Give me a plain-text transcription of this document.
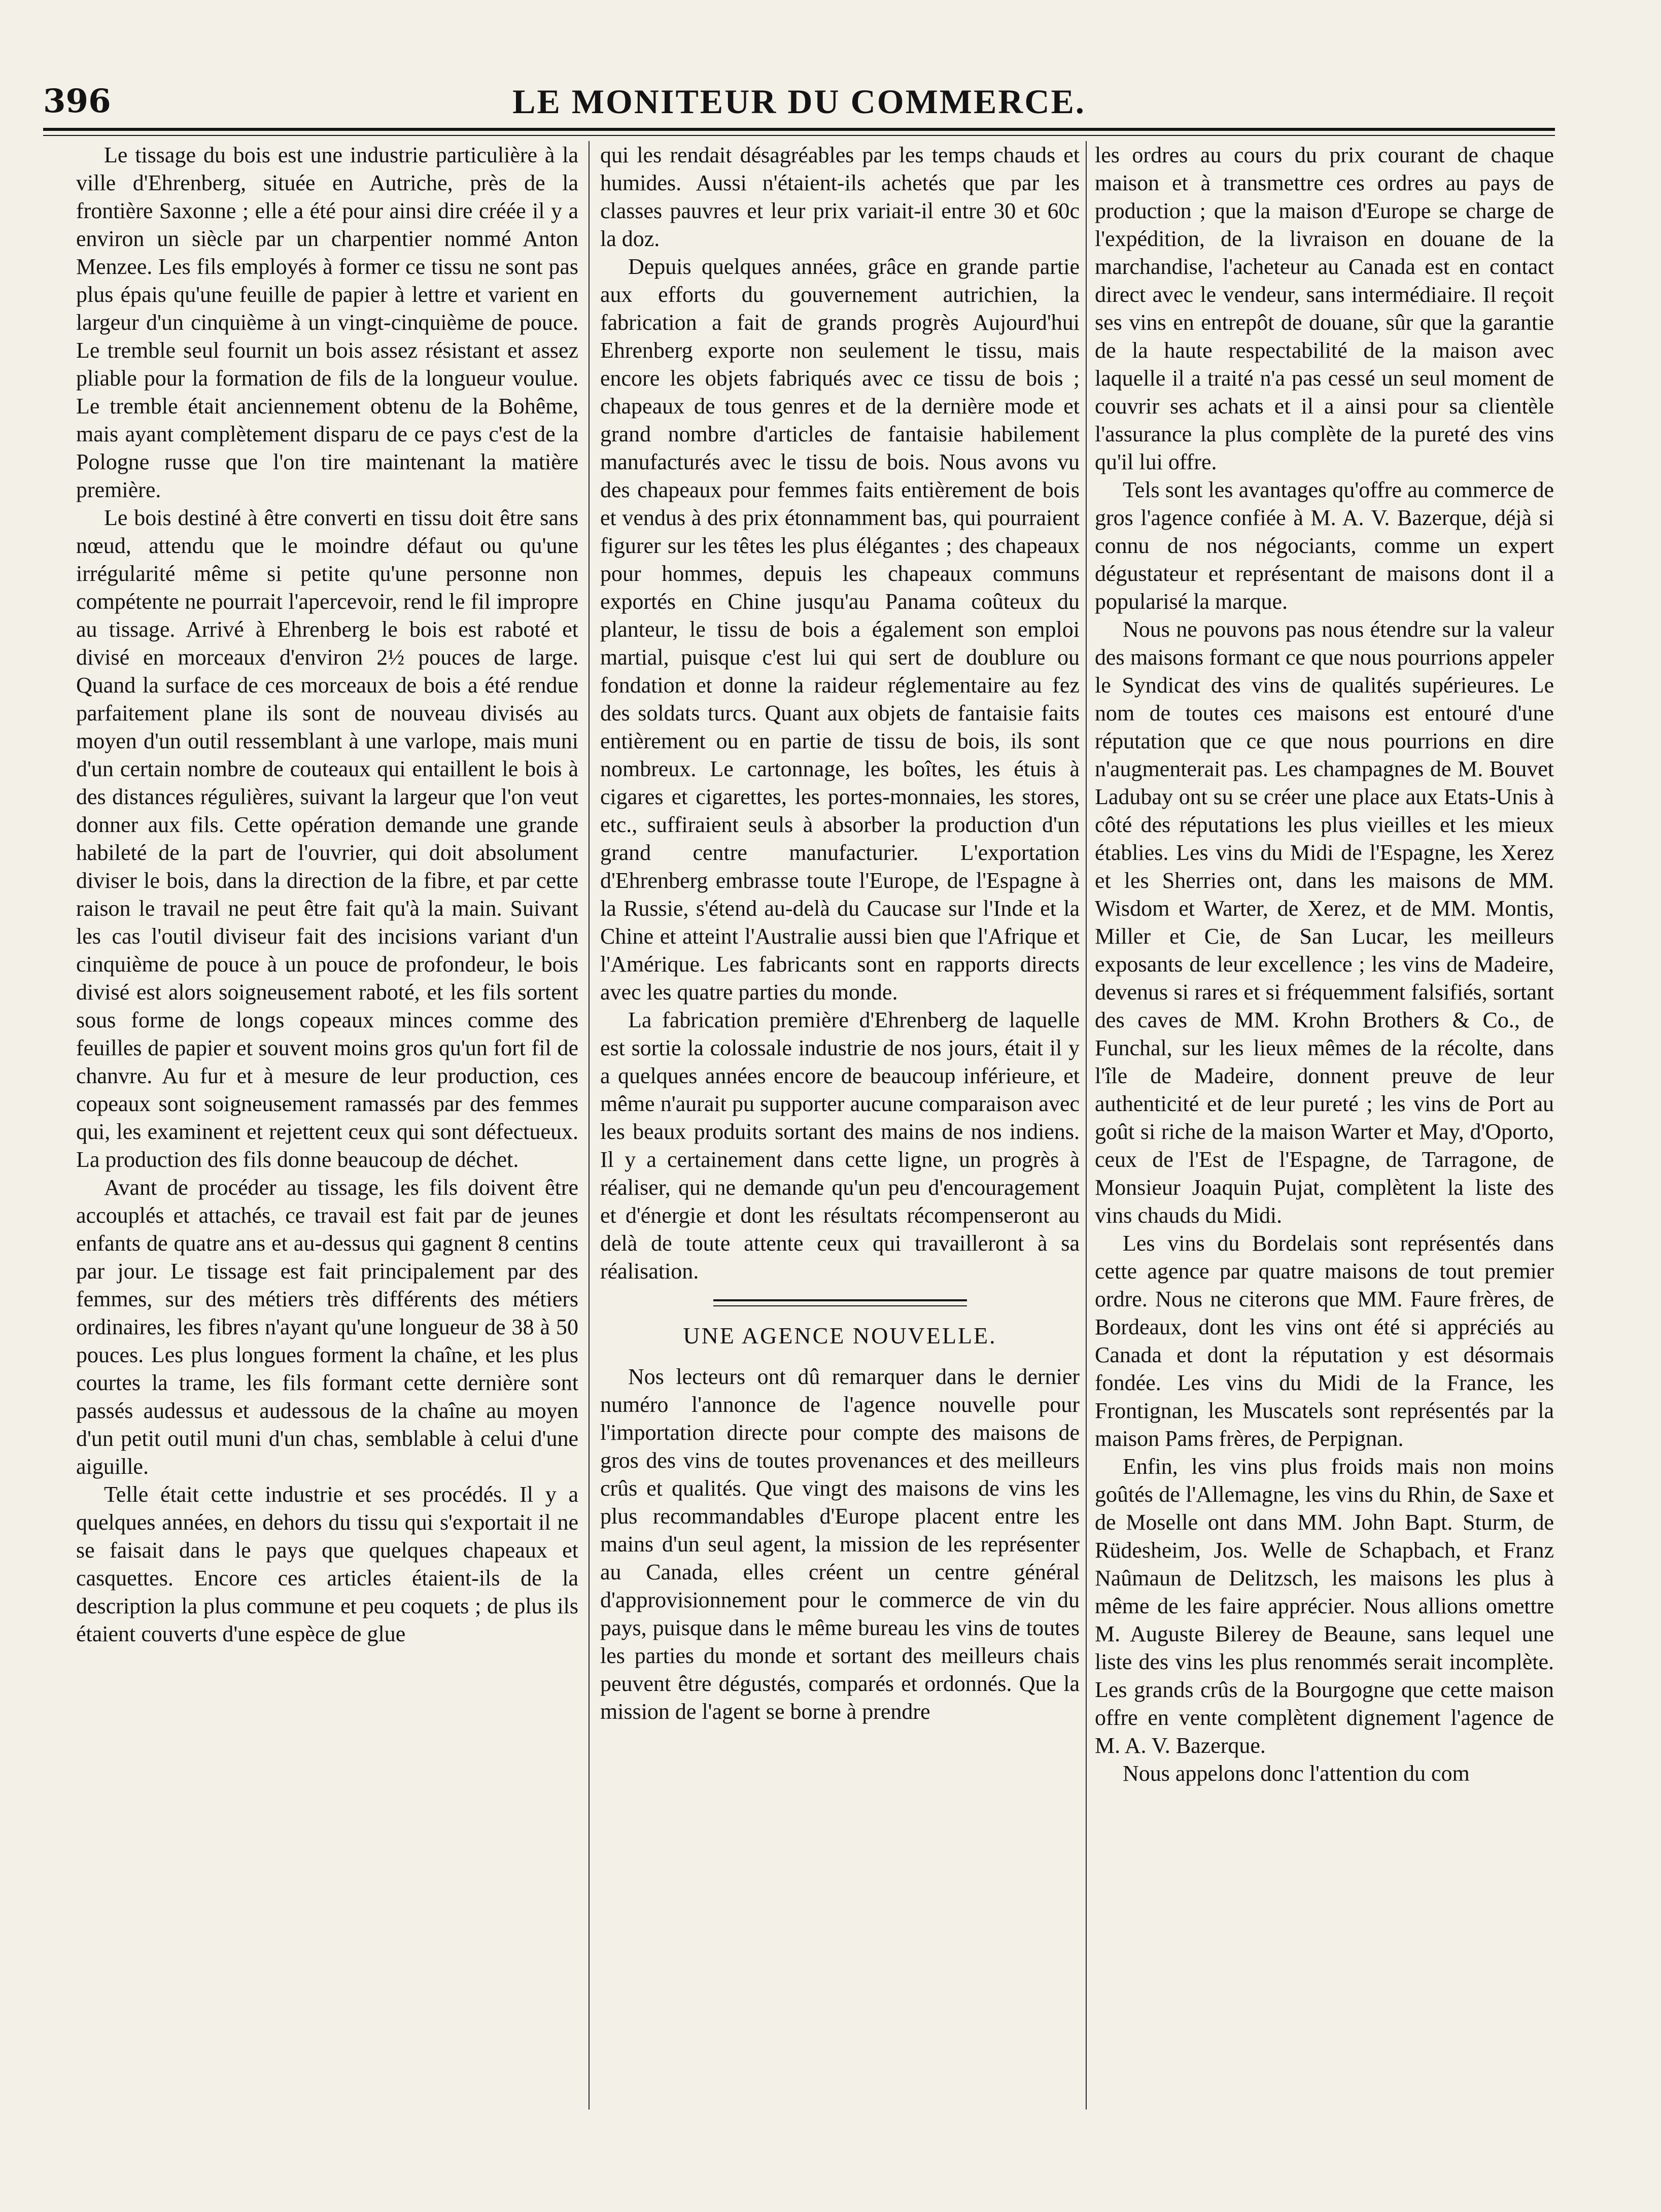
396	LE MONITEUR DU COMMERCE.

Le tissage du bois est une industrie particulière à la ville d'Ehrenberg, située en Autriche, près de la frontière Saxonne ; elle a été pour ainsi dire créée il y a environ un siècle par un charpentier nommé Anton Menzee. Les fils employés à former ce tissu ne sont pas plus épais qu'une feuille de papier à lettre et varient en largeur d'un cinquième à un vingt-cinquième de pouce. Le tremble seul fournit un bois assez résistant et assez pliable pour la formation de fils de la longueur voulue. Le tremble était anciennement obtenu de la Bohême, mais ayant complètement disparu de ce pays c'est de la Pologne russe que l'on tire maintenant la matière première.

Le bois destiné à être converti en tissu doit être sans nœud, attendu que le moindre défaut ou qu'une irrégularité même si petite qu'une personne non compétente ne pourrait l'apercevoir, rend le fil impropre au tissage. Arrivé à Ehrenberg le bois est raboté et divisé en morceaux d'environ 2½ pouces de large. Quand la surface de ces morceaux de bois a été rendue parfaitement plane ils sont de nouveau divisés au moyen d'un outil ressemblant à une varlope, mais muni d'un certain nombre de couteaux qui entaillent le bois à des distances régulières, suivant la largeur que l'on veut donner aux fils. Cette opération demande une grande habileté de la part de l'ouvrier, qui doit absolument diviser le bois, dans la direction de la fibre, et par cette raison le travail ne peut être fait qu'à la main. Suivant les cas l'outil diviseur fait des incisions variant d'un cinquième de pouce à un pouce de profondeur, le bois divisé est alors soigneusement raboté, et les fils sortent sous forme de longs copeaux minces comme des feuilles de papier et souvent moins gros qu'un fort fil de chanvre. Au fur et à mesure de leur production, ces copeaux sont soigneusement ramassés par des femmes qui, les examinent et rejettent ceux qui sont défectueux. La production des fils donne beaucoup de déchet.

Avant de procéder au tissage, les fils doivent être accouplés et attachés, ce travail est fait par de jeunes enfants de quatre ans et au-dessus qui gagnent 8 centins par jour. Le tissage est fait principalement par des femmes, sur des métiers très différents des métiers ordinaires, les fibres n'ayant qu'une longueur de 38 à 50 pouces. Les plus longues forment la chaîne, et les plus courtes la trame, les fils formant cette dernière sont passés audessus et audessous de la chaîne au moyen d'un petit outil muni d'un chas, semblable à celui d'une aiguille.

Telle était cette industrie et ses procédés. Il y a quelques années, en dehors du tissu qui s'exportait il ne se faisait dans le pays que quelques chapeaux et casquettes. Encore ces articles étaient-ils de la description la plus commune et peu coquets ; de plus ils étaient couverts d'une espèce de glue

qui les rendait désagréables par les temps chauds et humides. Aussi n'étaient-ils achetés que par les classes pauvres et leur prix variait-il entre 30 et 60c la doz.

Depuis quelques années, grâce en grande partie aux efforts du gouvernement autrichien, la fabrication a fait de grands progrès Aujourd'hui Ehrenberg exporte non seulement le tissu, mais encore les objets fabriqués avec ce tissu de bois ; chapeaux de tous genres et de la dernière mode et grand nombre d'articles de fantaisie habilement manufacturés avec le tissu de bois. Nous avons vu des chapeaux pour femmes faits entièrement de bois et vendus à des prix étonnamment bas, qui pourraient figurer sur les têtes les plus élégantes ; des chapeaux pour hommes, depuis les chapeaux communs exportés en Chine jusqu'au Panama coûteux du planteur, le tissu de bois a également son emploi martial, puisque c'est lui qui sert de doublure ou fondation et donne la raideur réglementaire au fez des soldats turcs. Quant aux objets de fantaisie faits entièrement ou en partie de tissu de bois, ils sont nombreux. Le cartonnage, les boîtes, les étuis à cigares et cigarettes, les portes-monnaies, les stores, etc., suffiraient seuls à absorber la production d'un grand centre manufacturier. L'exportation d'Ehrenberg embrasse toute l'Europe, de l'Espagne à la Russie, s'étend au-delà du Caucase sur l'Inde et la Chine et atteint l'Australie aussi bien que l'Afrique et l'Amérique. Les fabricants sont en rapports directs avec les quatre parties du monde.

La fabrication première d'Ehrenberg de laquelle est sortie la colossale industrie de nos jours, était il y a quelques années encore de beaucoup inférieure, et même n'aurait pu supporter aucune comparaison avec les beaux produits sortant des mains de nos indiens. Il y a certainement dans cette ligne, un progrès à réaliser, qui ne demande qu'un peu d'encouragement et d'énergie et dont les résultats récompenseront au delà de toute attente ceux qui travailleront à sa réalisation.

UNE AGENCE NOUVELLE.

Nos lecteurs ont dû remarquer dans le dernier numéro l'annonce de l'agence nouvelle pour l'importation directe pour compte des maisons de gros des vins de toutes provenances et des meilleurs crûs et qualités. Que vingt des maisons de vins les plus recommandables d'Europe placent entre les mains d'un seul agent, la mission de les représenter au Canada, elles créent un centre général d'approvisionnement pour le commerce de vin du pays, puisque dans le même bureau les vins de toutes les parties du monde et sortant des meilleurs chais peuvent être dégustés, comparés et ordonnés. Que la mission de l'agent se borne à prendre

les ordres au cours du prix courant de chaque maison et à transmettre ces ordres au pays de production ; que la maison d'Europe se charge de l'expédition, de la livraison en douane de la marchandise, l'acheteur au Canada est en contact direct avec le vendeur, sans intermédiaire. Il reçoit ses vins en entrepôt de douane, sûr que la garantie de la haute respectabilité de la maison avec laquelle il a traité n'a pas cessé un seul moment de couvrir ses achats et il a ainsi pour sa clientèle l'assurance la plus complète de la pureté des vins qu'il lui offre.

Tels sont les avantages qu'offre au commerce de gros l'agence confiée à M. A. V. Bazerque, déjà si connu de nos négociants, comme un expert dégustateur et représentant de maisons dont il a popularisé la marque.

Nous ne pouvons pas nous étendre sur la valeur des maisons formant ce que nous pourrions appeler le Syndicat des vins de qualités supérieures. Le nom de toutes ces maisons est entouré d'une réputation que ce que nous pourrions en dire n'augmenterait pas. Les champagnes de M. Bouvet Ladubay ont su se créer une place aux Etats-Unis à côté des réputations les plus vieilles et les mieux établies. Les vins du Midi de l'Espagne, les Xerez et les Sherries ont, dans les maisons de MM. Wisdom et Warter, de Xerez, et de MM. Montis, Miller et Cie, de San Lucar, les meilleurs exposants de leur excellence ; les vins de Madeire, devenus si rares et si fréquemment falsifiés, sortant des caves de MM. Krohn Brothers & Co., de Funchal, sur les lieux mêmes de la récolte, dans l'île de Madeire, donnent preuve de leur authenticité et de leur pureté ; les vins de Port au goût si riche de la maison Warter et May, d'Oporto, ceux de l'Est de l'Espagne, de Tarragone, de Monsieur Joaquin Pujat, complètent la liste des vins chauds du Midi.

Les vins du Bordelais sont représentés dans cette agence par quatre maisons de tout premier ordre. Nous ne citerons que MM. Faure frères, de Bordeaux, dont les vins ont été si appréciés au Canada et dont la réputation y est désormais fondée. Les vins du Midi de la France, les Frontignan, les Muscatels sont représentés par la maison Pams frères, de Perpignan.

Enfin, les vins plus froids mais non moins goûtés de l'Allemagne, les vins du Rhin, de Saxe et de Moselle ont dans MM. John Bapt. Sturm, de Rüdesheim, Jos. Welle de Schapbach, et Franz Naûmaun de Delitzsch, les maisons les plus à même de les faire apprécier. Nous allions omettre M. Auguste Bilerey de Beaune, sans lequel une liste des vins les plus renommés serait incomplète. Les grands crûs de la Bourgogne que cette maison offre en vente complètent dignement l'agence de M. A. V. Bazerque.

Nous appelons donc l'attention du com
